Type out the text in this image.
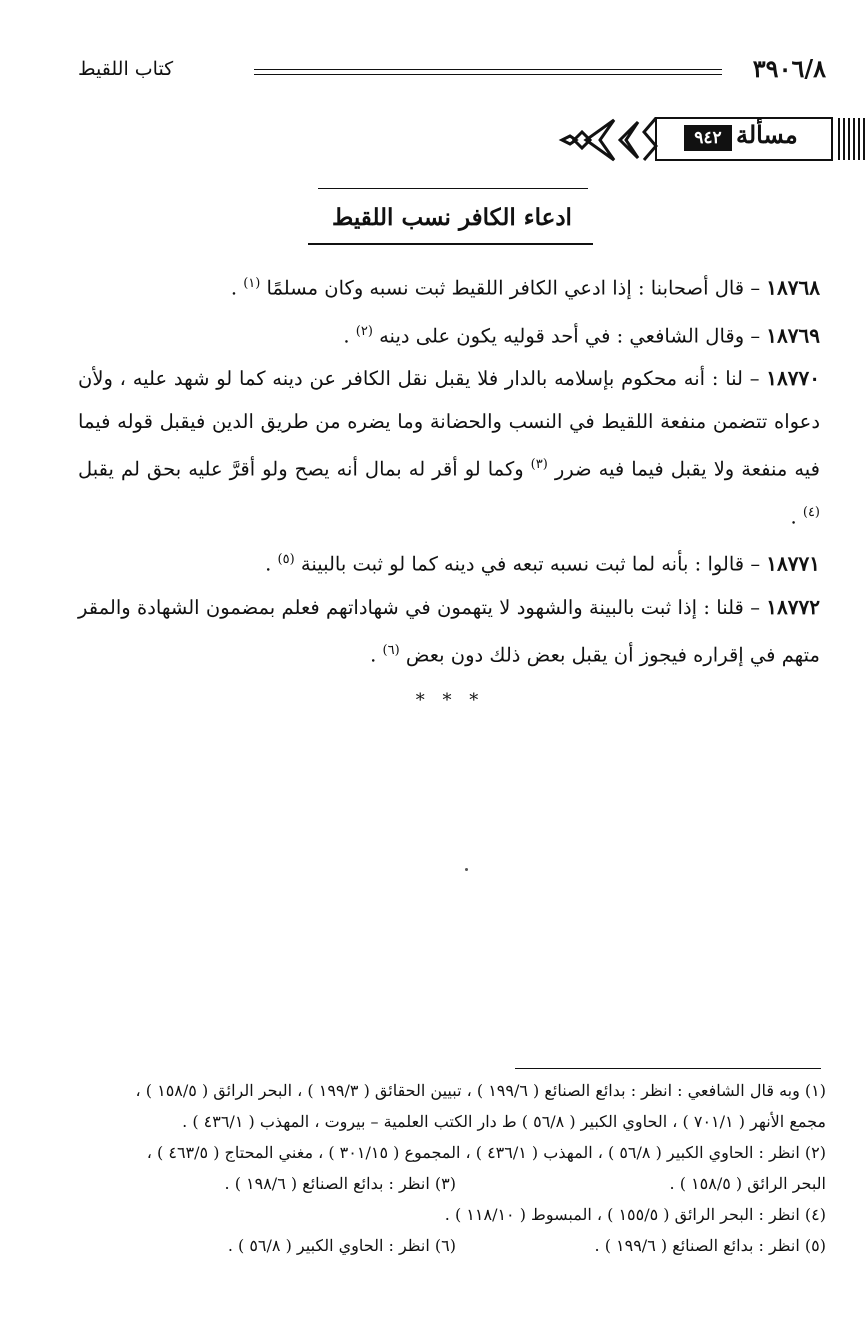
كتاب اللقيط	٣٩٠٦/٨
مسألة
٩٤٢
ادعاء الكافر نسب اللقيط

١٨٧٦٨ – قال أصحابنا : إذا ادعي الكافر اللقيط ثبت نسبه وكان مسلمًا $^{(١)}$ .

١٨٧٦٩ – وقال الشافعي : في أحد قوليه يكون على دينه $^{(٢)}$ .

١٨٧٧٠ – لنا : أنه محكوم بإسلامه بالدار فلا يقبل نقل الكافر عن دينه كما لو شهد عليه ، ولأن دعواه تتضمن منفعة اللقيط في النسب والحضانة وما يضره من طريق الدين فيقبل قوله فيما فيه منفعة ولا يقبل فيما فيه ضرر $^{(٣)}$ وكما لو أقر له بمال أنه يصح ولو أقرَّ عليه بحق لم يقبل $^{(٤)}$ .

١٨٧٧١ – قالوا : بأنه لما ثبت نسبه تبعه في دينه كما لو ثبت بالبينة $^{(٥)}$ .

١٨٧٧٢ – قلنا : إذا ثبت بالبينة والشهود لا يتهمون في شهاداتهم فعلم بمضمون الشهادة والمقر متهم في إقراره فيجوز أن يقبل بعض ذلك دون بعض $^{(٦)}$ .

* * *
(١) وبه قال الشافعي : انظر : بدائع الصنائع ( ١٩٩/٦ ) ، تبيين الحقائق ( ١٩٩/٣ ) ، البحر الرائق ( ١٥٨/٥ ) ،
مجمع الأنهر ( ٧٠١/١ ) ، الحاوي الكبير ( ٥٦/٨ ) ط دار الكتب العلمية – بيروت ، المهذب ( ٤٣٦/١ ) .
(٢) انظر : الحاوي الكبير ( ٥٦/٨ ) ، المهذب ( ٤٣٦/١ ) ، المجموع ( ٣٠١/١٥ ) ، مغني المحتاج ( ٤٦٣/٥ ) ،
البحر الرائق ( ١٥٨/٥ ) .
(٣) انظر : بدائع الصنائع ( ١٩٨/٦ ) .
(٤) انظر : البحر الرائق ( ١٥٥/٥ ) ، المبسوط ( ١١٨/١٠ ) .
(٥) انظر : بدائع الصنائع ( ١٩٩/٦ ) .
(٦) انظر : الحاوي الكبير ( ٥٦/٨ ) .
